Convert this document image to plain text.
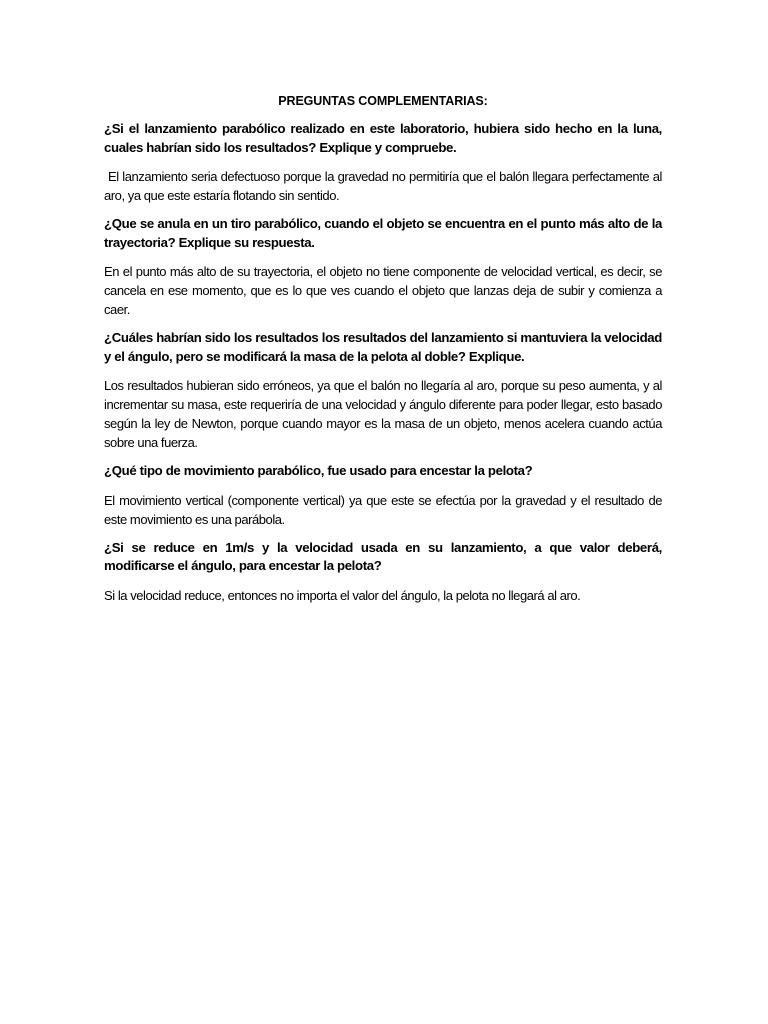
PREGUNTAS COMPLEMENTARIAS:

¿Si el lanzamiento parabólico realizado en este laboratorio, hubiera sido hecho en la luna, cuales habrían sido los resultados? Explique y compruebe.

El lanzamiento seria defectuoso porque la gravedad no permitiría que el balón llegara perfectamente al aro, ya que este estaría flotando sin sentido.

¿Que se anula en un tiro parabólico, cuando el objeto se encuentra en el punto más alto de la trayectoria? Explique su respuesta.

En el punto más alto de su trayectoria, el objeto no tiene componente de velocidad vertical, es decir, se cancela en ese momento, que es lo que ves cuando el objeto que lanzas deja de subir y comienza a caer.

¿Cuáles habrían sido los resultados los resultados del lanzamiento si mantuviera la velocidad y el ángulo, pero se modificará la masa de la pelota al doble? Explique.

Los resultados hubieran sido erróneos, ya que el balón no llegaría al aro, porque su peso aumenta, y al incrementar su masa, este requeriría de una velocidad y ángulo diferente para poder llegar, esto basado según la ley de Newton, porque cuando mayor es la masa de un objeto, menos acelera cuando actúa sobre una fuerza.

¿Qué tipo de movimiento parabólico, fue usado para encestar la pelota?

El movimiento vertical (componente vertical) ya que este se efectúa por la gravedad y el resultado de este movimiento es una parábola.

¿Si se reduce en 1m/s y la velocidad usada en su lanzamiento, a que valor deberá, modificarse el ángulo, para encestar la pelota?

Si la velocidad reduce, entonces no importa el valor del ángulo, la pelota no llegará al aro.
